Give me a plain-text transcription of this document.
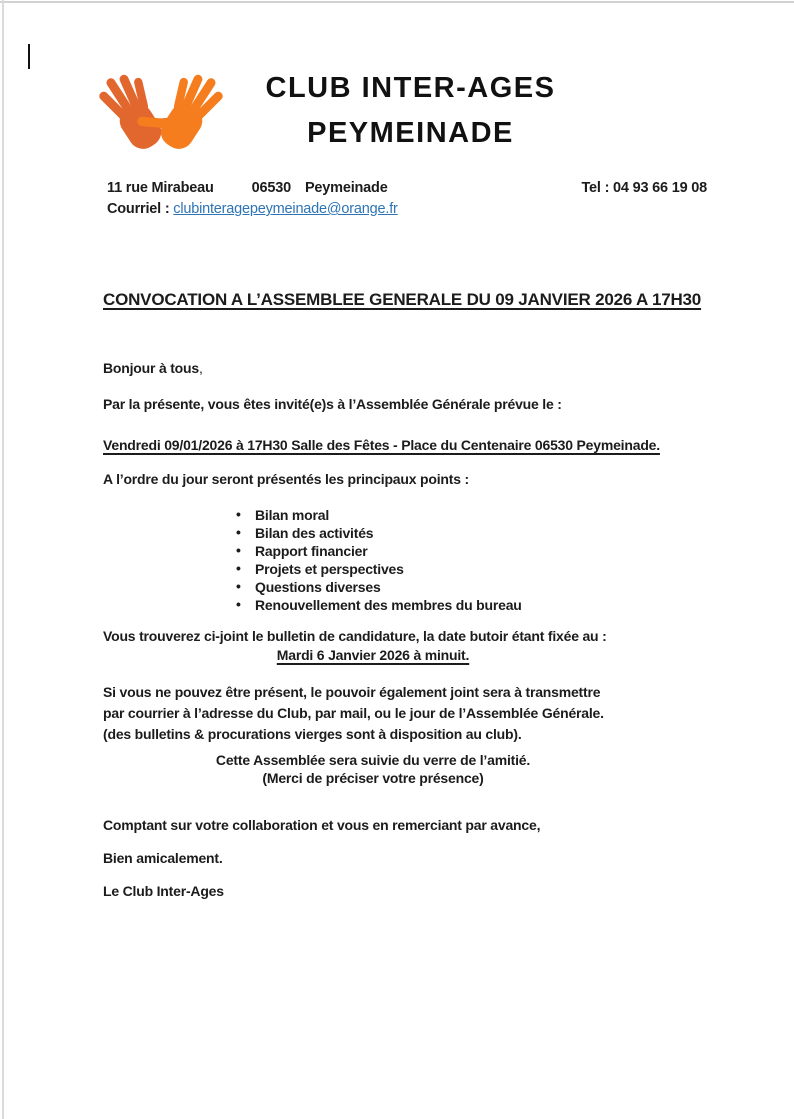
CLUB INTER-AGES
PEYMEINADE
11 rue Mirabeau	06530 Peymeinade	Tel : 04 93 66 19 08
Courriel : clubinteragepeymeinade@orange.fr
CONVOCATION A L’ASSEMBLEE GENERALE DU 09 JANVIER 2026 A 17H30
Bonjour à tous,
Par la présente, vous êtes invité(e)s à l’Assemblée Générale prévue le :
Vendredi 09/01/2026 à 17H30 Salle des Fêtes - Place du Centenaire 06530 Peymeinade.
A l’ordre du jour seront présentés les principaux points :
• Bilan moral
• Bilan des activités
• Rapport financier
• Projets et perspectives
• Questions diverses
• Renouvellement des membres du bureau
Vous trouverez ci-joint le bulletin de candidature, la date butoir étant fixée au :
Mardi 6 Janvier 2026 à minuit.
Si vous ne pouvez être présent, le pouvoir également joint sera à transmettre
par courrier à l’adresse du Club, par mail, ou le jour de l’Assemblée Générale.
(des bulletins & procurations vierges sont à disposition au club).
Cette Assemblée sera suivie du verre de l’amitié.
(Merci de préciser votre présence)
Comptant sur votre collaboration et vous en remerciant par avance,
Bien amicalement.
Le Club Inter-Ages
